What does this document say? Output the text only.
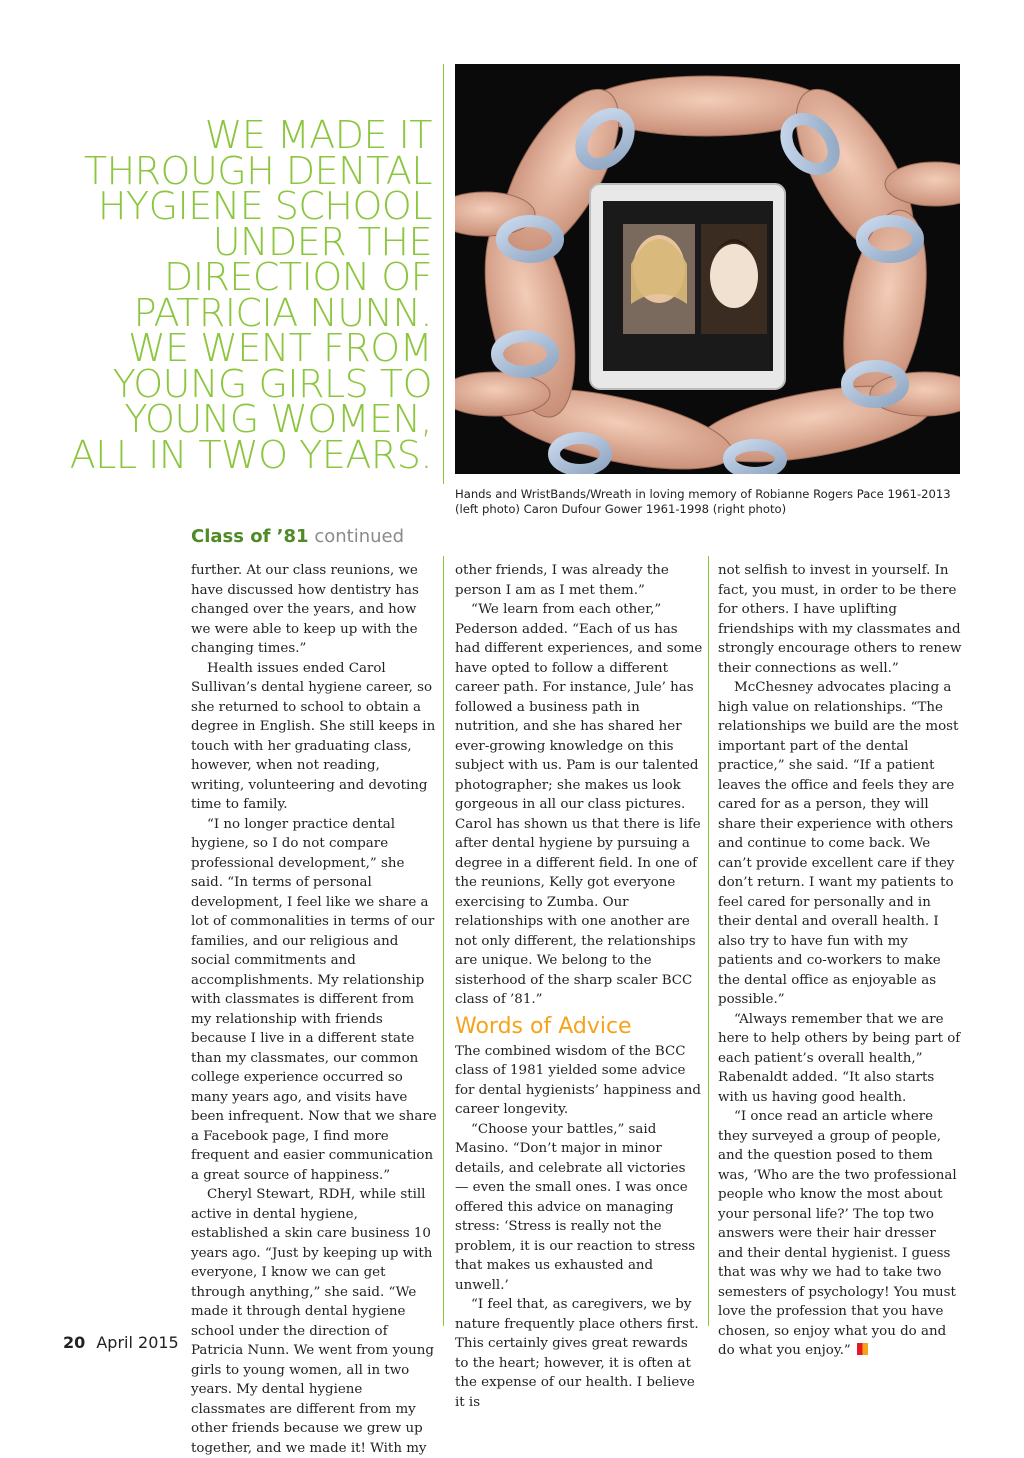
WE MADE IT
THROUGH DENTAL
HYGIENE SCHOOL
UNDER THE
DIRECTION OF
PATRICIA NUNN.
WE WENT FROM
YOUNG GIRLS TO
YOUNG WOMEN,
ALL IN TWO YEARS.
Hands and WristBands/Wreath in loving memory of Robianne Rogers Pace 1961-2013
(left photo) Caron Dufour Gower 1961-1998 (right photo)
Class of ’81 continued

further. At our class reunions, we have discussed how dentistry has changed over the years, and how we were able to keep up with the changing times.”

Health issues ended Carol Sullivan’s dental hygiene career, so she returned to school to obtain a degree in English. She still keeps in touch with her graduating class, however, when not reading, writing, volunteering and devoting time to family.

“I no longer practice dental hygiene, so I do not compare professional development,” she said. “In terms of personal development, I feel like we share a lot of commonalities in terms of our families, and our religious and social commitments and accomplishments. My relationship with classmates is different from my relationship with friends because I live in a different state than my classmates, our common college experience occurred so many years ago, and visits have been infrequent. Now that we share a Facebook page, I find more frequent and easier communication a great source of happiness.”

Cheryl Stewart, RDH, while still active in dental hygiene, established a skin care business 10 years ago. “Just by keeping up with everyone, I know we can get through anything,” she said. “We made it through dental hygiene school under the direction of Patricia Nunn. We went from young girls to young women, all in two years. My dental hygiene classmates are different from my other friends because we grew up together, and we made it! With my

other friends, I was already the person I am as I met them.”

“We learn from each other,” Pederson added. “Each of us has had different experiences, and some have opted to follow a different career path. For instance, Jule’ has followed a business path in nutrition, and she has shared her ever-growing knowledge on this subject with us. Pam is our talented photographer; she makes us look gorgeous in all our class pictures. Carol has shown us that there is life after dental hygiene by pursuing a degree in a different field. In one of the reunions, Kelly got everyone exercising to Zumba. Our relationships with one another are not only different, the relationships are unique. We belong to the sisterhood of the sharp scaler BCC class of ’81.”

Words of Advice

The combined wisdom of the BCC class of 1981 yielded some advice for dental hygienists’ happiness and career longevity.

“Choose your battles,” said Masino. “Don’t major in minor details, and celebrate all victories — even the small ones. I was once offered this advice on managing stress: ‘Stress is really not the problem, it is our reaction to stress that makes us exhausted and unwell.’

“I feel that, as caregivers, we by nature frequently place others first. This certainly gives great rewards to the heart; however, it is often at the expense of our health. I believe it is

not selfish to invest in yourself. In fact, you must, in order to be there for others. I have uplifting friendships with my classmates and strongly encourage others to renew their connections as well.”

McChesney advocates placing a high value on relationships. “The relationships we build are the most important part of the dental practice,” she said. “If a patient leaves the office and feels they are cared for as a person, they will share their experience with others and continue to come back. We can’t provide excellent care if they don’t return. I want my patients to feel cared for personally and in their dental and overall health. I also try to have fun with my patients and co-workers to make the dental office as enjoyable as possible.”

“Always remember that we are here to help others by being part of each patient’s overall health,” Rabenaldt added. “It also starts with us having good health.

“I once read an article where they surveyed a group of people, and the question posed to them was, ‘Who are the two professional people who know the most about your personal life?’ The top two answers were their hair dresser and their dental hygienist. I guess that was why we had to take two semesters of psychology! You must love the profession that you have chosen, so enjoy what you do and do what you enjoy.”

20 April 2015
